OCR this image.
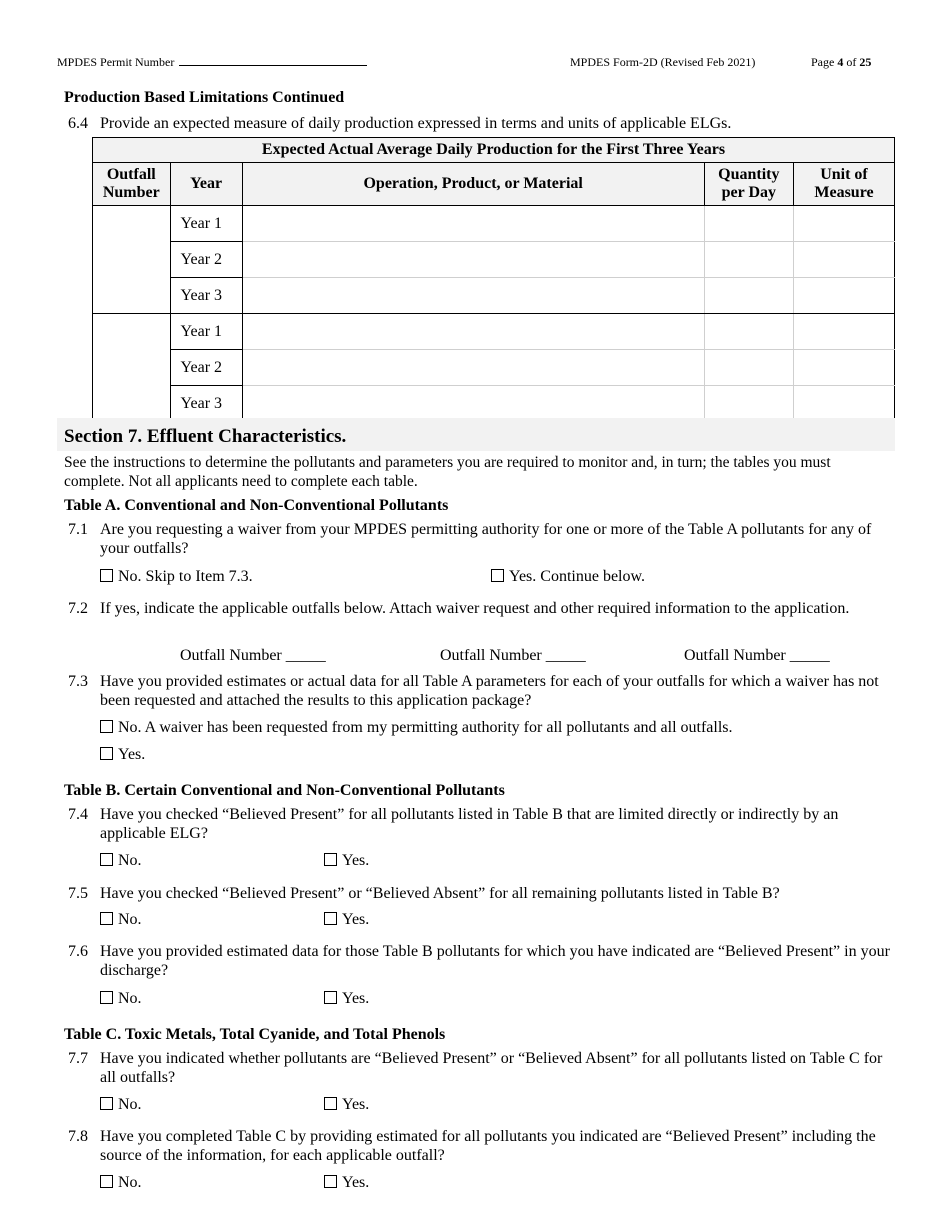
MPDES Permit Number	MPDES Form-2D (Revised Feb 2021)	Page 4 of 25
Production Based Limitations Continued
6.4 Provide an expected measure of daily production expressed in terms and units of applicable ELGs.
Expected Actual Average Daily Production for the First Three Years				
Outfall Number	Year	Operation, Product, or Material	Quantity per Day	Unit of Measure
	Year 1			
	Year 2			
	Year 3			
	Year 1			
	Year 2			
	Year 3			
Section 7. Effluent Characteristics.
See the instructions to determine the pollutants and parameters you are required to monitor and, in turn; the tables you must complete. Not all applicants need to complete each table.
Table A. Conventional and Non-Conventional Pollutants
7.1 Are you requesting a waiver from your MPDES permitting authority for one or more of the Table A pollutants for any of your outfalls?
No. Skip to Item 7.3.	Yes. Continue below.
7.2 If yes, indicate the applicable outfalls below. Attach waiver request and other required information to the application.
Outfall Number _____	Outfall Number _____	Outfall Number _____
7.3 Have you provided estimates or actual data for all Table A parameters for each of your outfalls for which a waiver has not been requested and attached the results to this application package?
No. A waiver has been requested from my permitting authority for all pollutants and all outfalls.
Yes.
Table B. Certain Conventional and Non-Conventional Pollutants
7.4 Have you checked “Believed Present” for all pollutants listed in Table B that are limited directly or indirectly by an applicable ELG?
No.	Yes.
7.5 Have you checked “Believed Present” or “Believed Absent” for all remaining pollutants listed in Table B?
No.	Yes.
7.6 Have you provided estimated data for those Table B pollutants for which you have indicated are “Believed Present” in your discharge?
No.	Yes.
Table C. Toxic Metals, Total Cyanide, and Total Phenols
7.7 Have you indicated whether pollutants are “Believed Present” or “Believed Absent” for all pollutants listed on Table C for all outfalls?
No.	Yes.
7.8 Have you completed Table C by providing estimated for all pollutants you indicated are “Believed Present” including the source of the information, for each applicable outfall?
No.	Yes.
